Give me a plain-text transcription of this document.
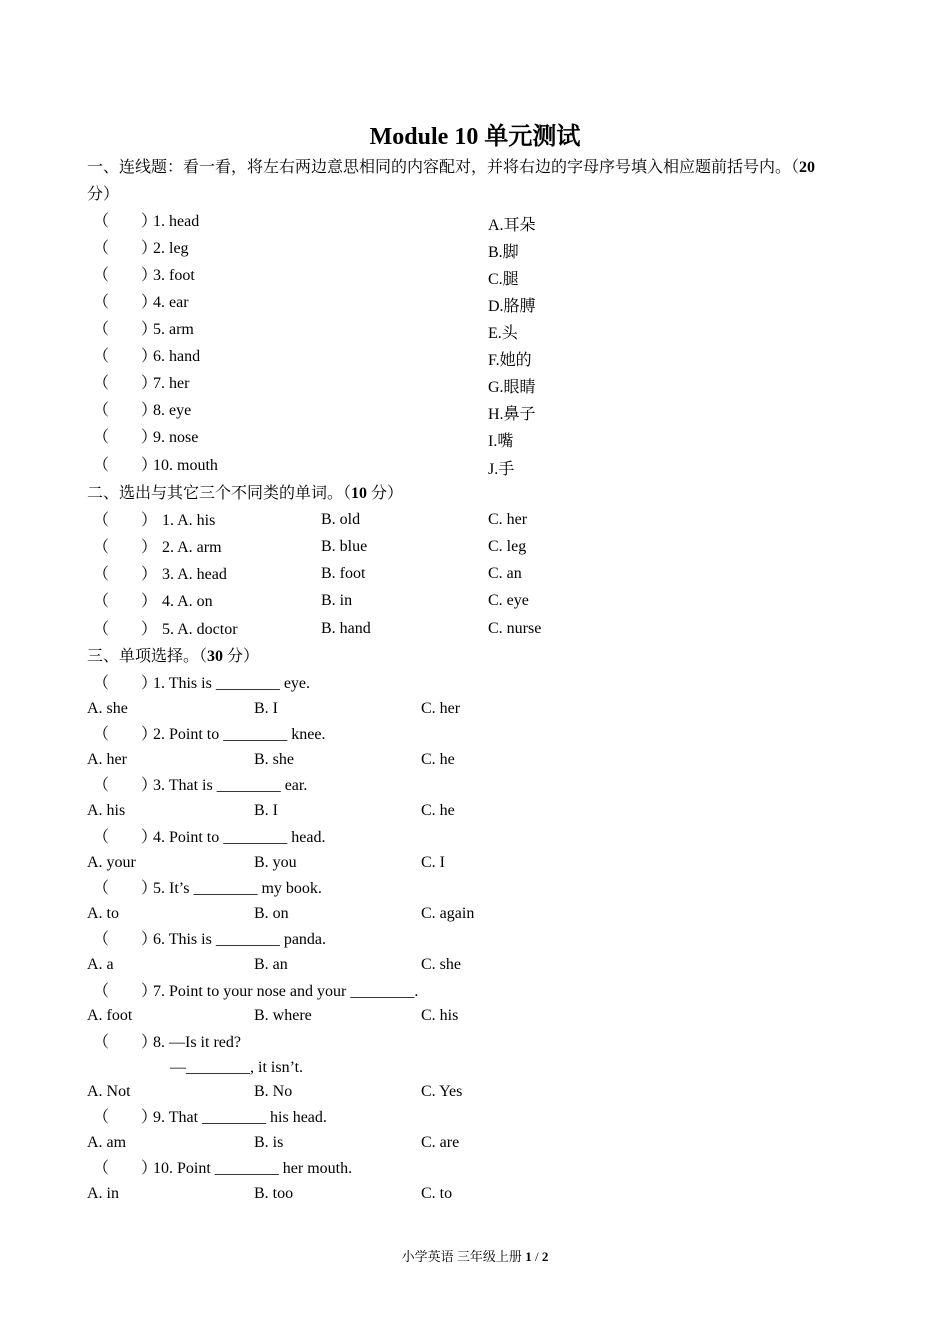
Module 10 单元测试
一、连线题：看一看，将左右两边意思相同的内容配对，并将右边的字母序号填入相应题前括号内。（20
分）
（　　）
1. head	A.耳朵
（　　）
2. leg	B.脚
（　　）
3. foot	C.腿
（　　）
4. ear	D.胳膊
（　　）
5. arm	E.头
（　　）
6. hand	F.她的
（　　）
7. her	G.眼睛
（　　）
8. eye	H.鼻子
（　　）
9. nose	I.嘴
（　　）
10. mouth	J.手
二、选出与其它三个不同类的单词。（10 分）
（　　） 1. A. his	B. old	C. her
（　　） 2. A. arm	B. blue	C. leg
（　　） 3. A. head	B. foot	C. an
（　　） 4. A. on	B. in	C. eye
（　　） 5. A. doctor	B. hand	C. nurse
三、单项选择。（30 分）
（　　）
1. This is ________ eye.
A. she	B. I	C. her
（　　）
2. Point to ________ knee.
A. her	B. she	C. he
（　　）
3. That is ________ ear.
A. his	B. I	C. he
（　　）
4. Point to ________ head.
A. your	B. you	C. I
（　　）
5. It’s ________ my book.
A. to	B. on	C. again
（　　）
6. This is ________ panda.
A. a	B. an	C. she
（　　）
7. Point to your nose and your ________.
A. foot	B. where	C. his
（　　）
8. —Is it red?
—________, it isn’t.
A. Not	B. No	C. Yes
（　　）
9. That ________ his head.
A. am	B. is	C. are
（　　）
10. Point ________ her mouth.
A. in	B. too	C. to
小学英语 三年级上册 1 / 2
